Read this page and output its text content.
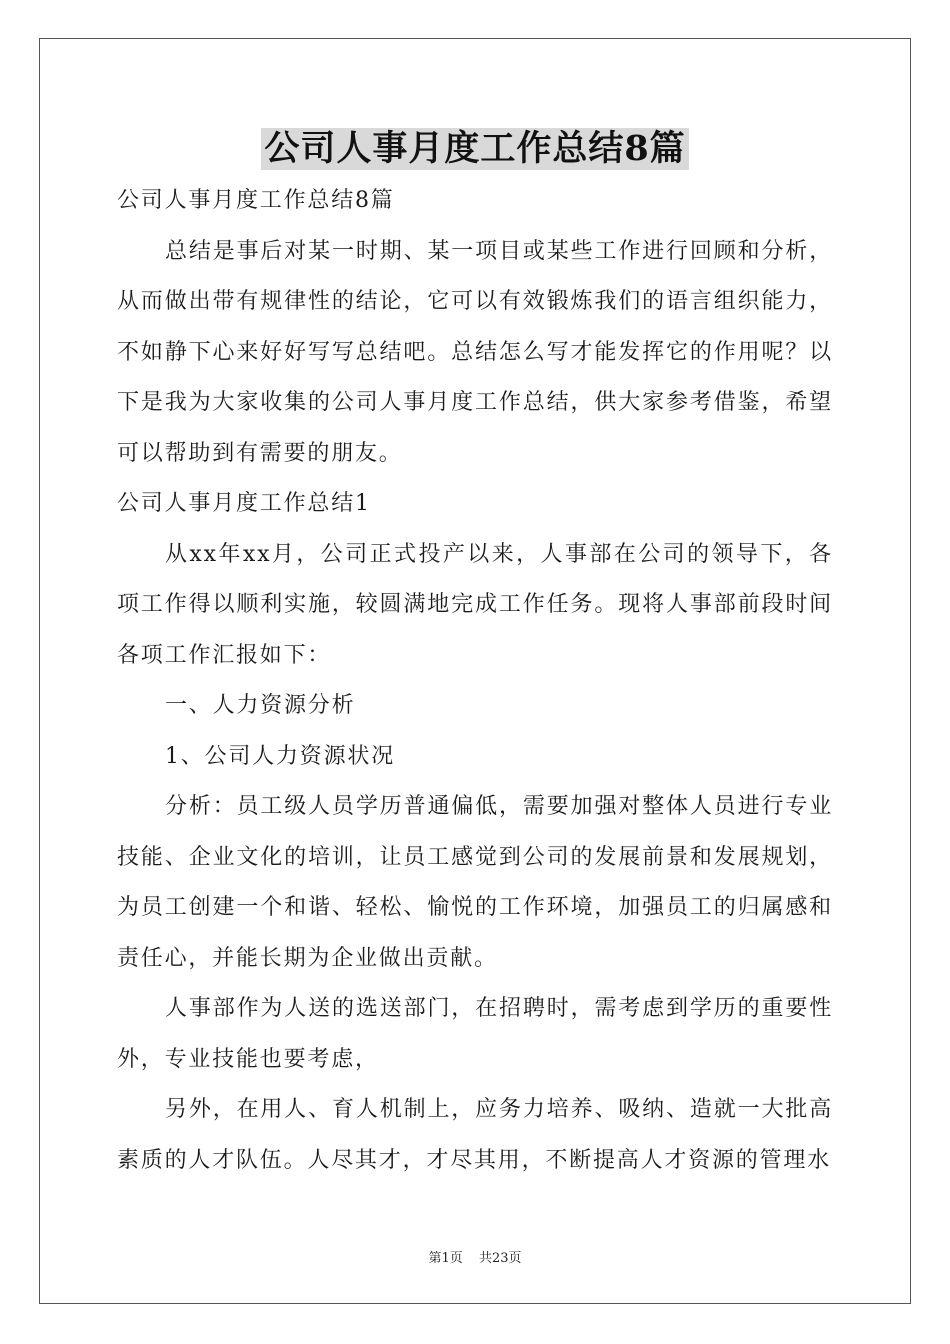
公司人事月度工作总结8篇

公司人事月度工作总结8篇

总结是事后对某一时期、某一项目或某些工作进行回顾和分析，从而做出带有规律性的结论，它可以有效锻炼我们的语言组织能力，不如静下心来好好写写总结吧。总结怎么写才能发挥它的作用呢？以下是我为大家收集的公司人事月度工作总结，供大家参考借鉴，希望可以帮助到有需要的朋友。

公司人事月度工作总结1

从xx年xx月，公司正式投产以来，人事部在公司的领导下，各项工作得以顺利实施，较圆满地完成工作任务。现将人事部前段时间各项工作汇报如下：

一、人力资源分析

1、公司人力资源状况

分析：员工级人员学历普通偏低，需要加强对整体人员进行专业技能、企业文化的培训，让员工感觉到公司的发展前景和发展规划，为员工创建一个和谐、轻松、愉悦的工作环境，加强员工的归属感和责任心，并能长期为企业做出贡献。

人事部作为人送的选送部门，在招聘时，需考虑到学历的重要性外，专业技能也要考虑，

另外，在用人、育人机制上，应务力培养、吸纳、造就一大批高素质的人才队伍。人尽其才，才尽其用，不断提高人才资源的管理水

第1页 共23页
